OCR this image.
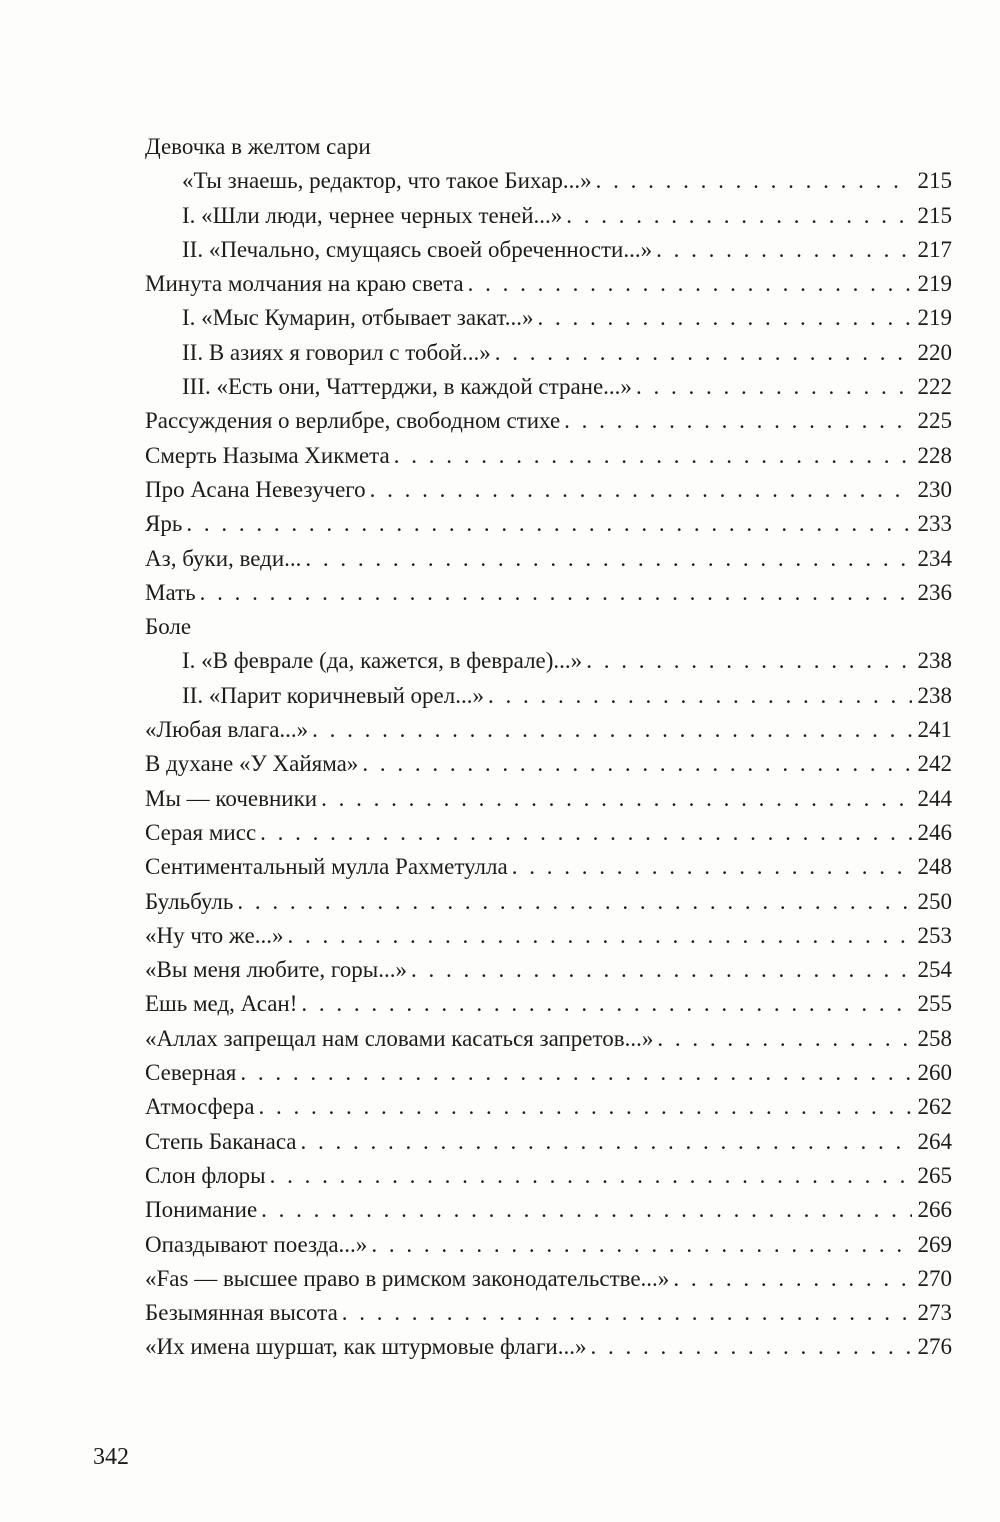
Девочка в желтом сари
«Ты знаешь, редактор, что такое Бихар...» . . .	215
I. «Шли люди, чернее черных теней...» . . .	215
II. «Печально, смущаясь своей обреченности...» . . .	217
Минута молчания на краю света . . .	219
I. «Мыс Кумарин, отбывает закат...» . . .	219
II. В азиях я говорил с тобой...» . . .	220
III. «Есть они, Чаттерджи, в каждой стране...» . . .	222
Рассуждения о верлибре, свободном стихе . . .	225
Смерть Назыма Хикмета . . .	228
Про Асана Невезучего . . .	230
Ярь . . .	233
Аз, буки, веди... . . .	234
Мать . . .	236
Боле
I. «В феврале (да, кажется, в феврале)...» . . .	238
II. «Парит коричневый орел...» . . .	238
«Любая влага...» . . .	241
В духане «У Хайяма» . . .	242
Мы — кочевники . . .	244
Серая мисс . . .	246
Сентиментальный мулла Рахметулла . . .	248
Бульбуль . . .	250
«Ну что же...» . . .	253
«Вы меня любите, горы...» . . .	254
Ешь мед, Асан! . . .	255
«Аллах запрещал нам словами касаться запретов...» . . .	258
Северная . . .	260
Атмосфера . . .	262
Степь Баканаса . . .	264
Слон флоры . . .	265
Понимание . . .	266
Опаздывают поезда...» . . .	269
«Fas — высшее право в римском законодательстве...» . . .	270
Безымянная высота . . .	273
«Их имена шуршат, как штурмовые флаги...» . . .	276
342
